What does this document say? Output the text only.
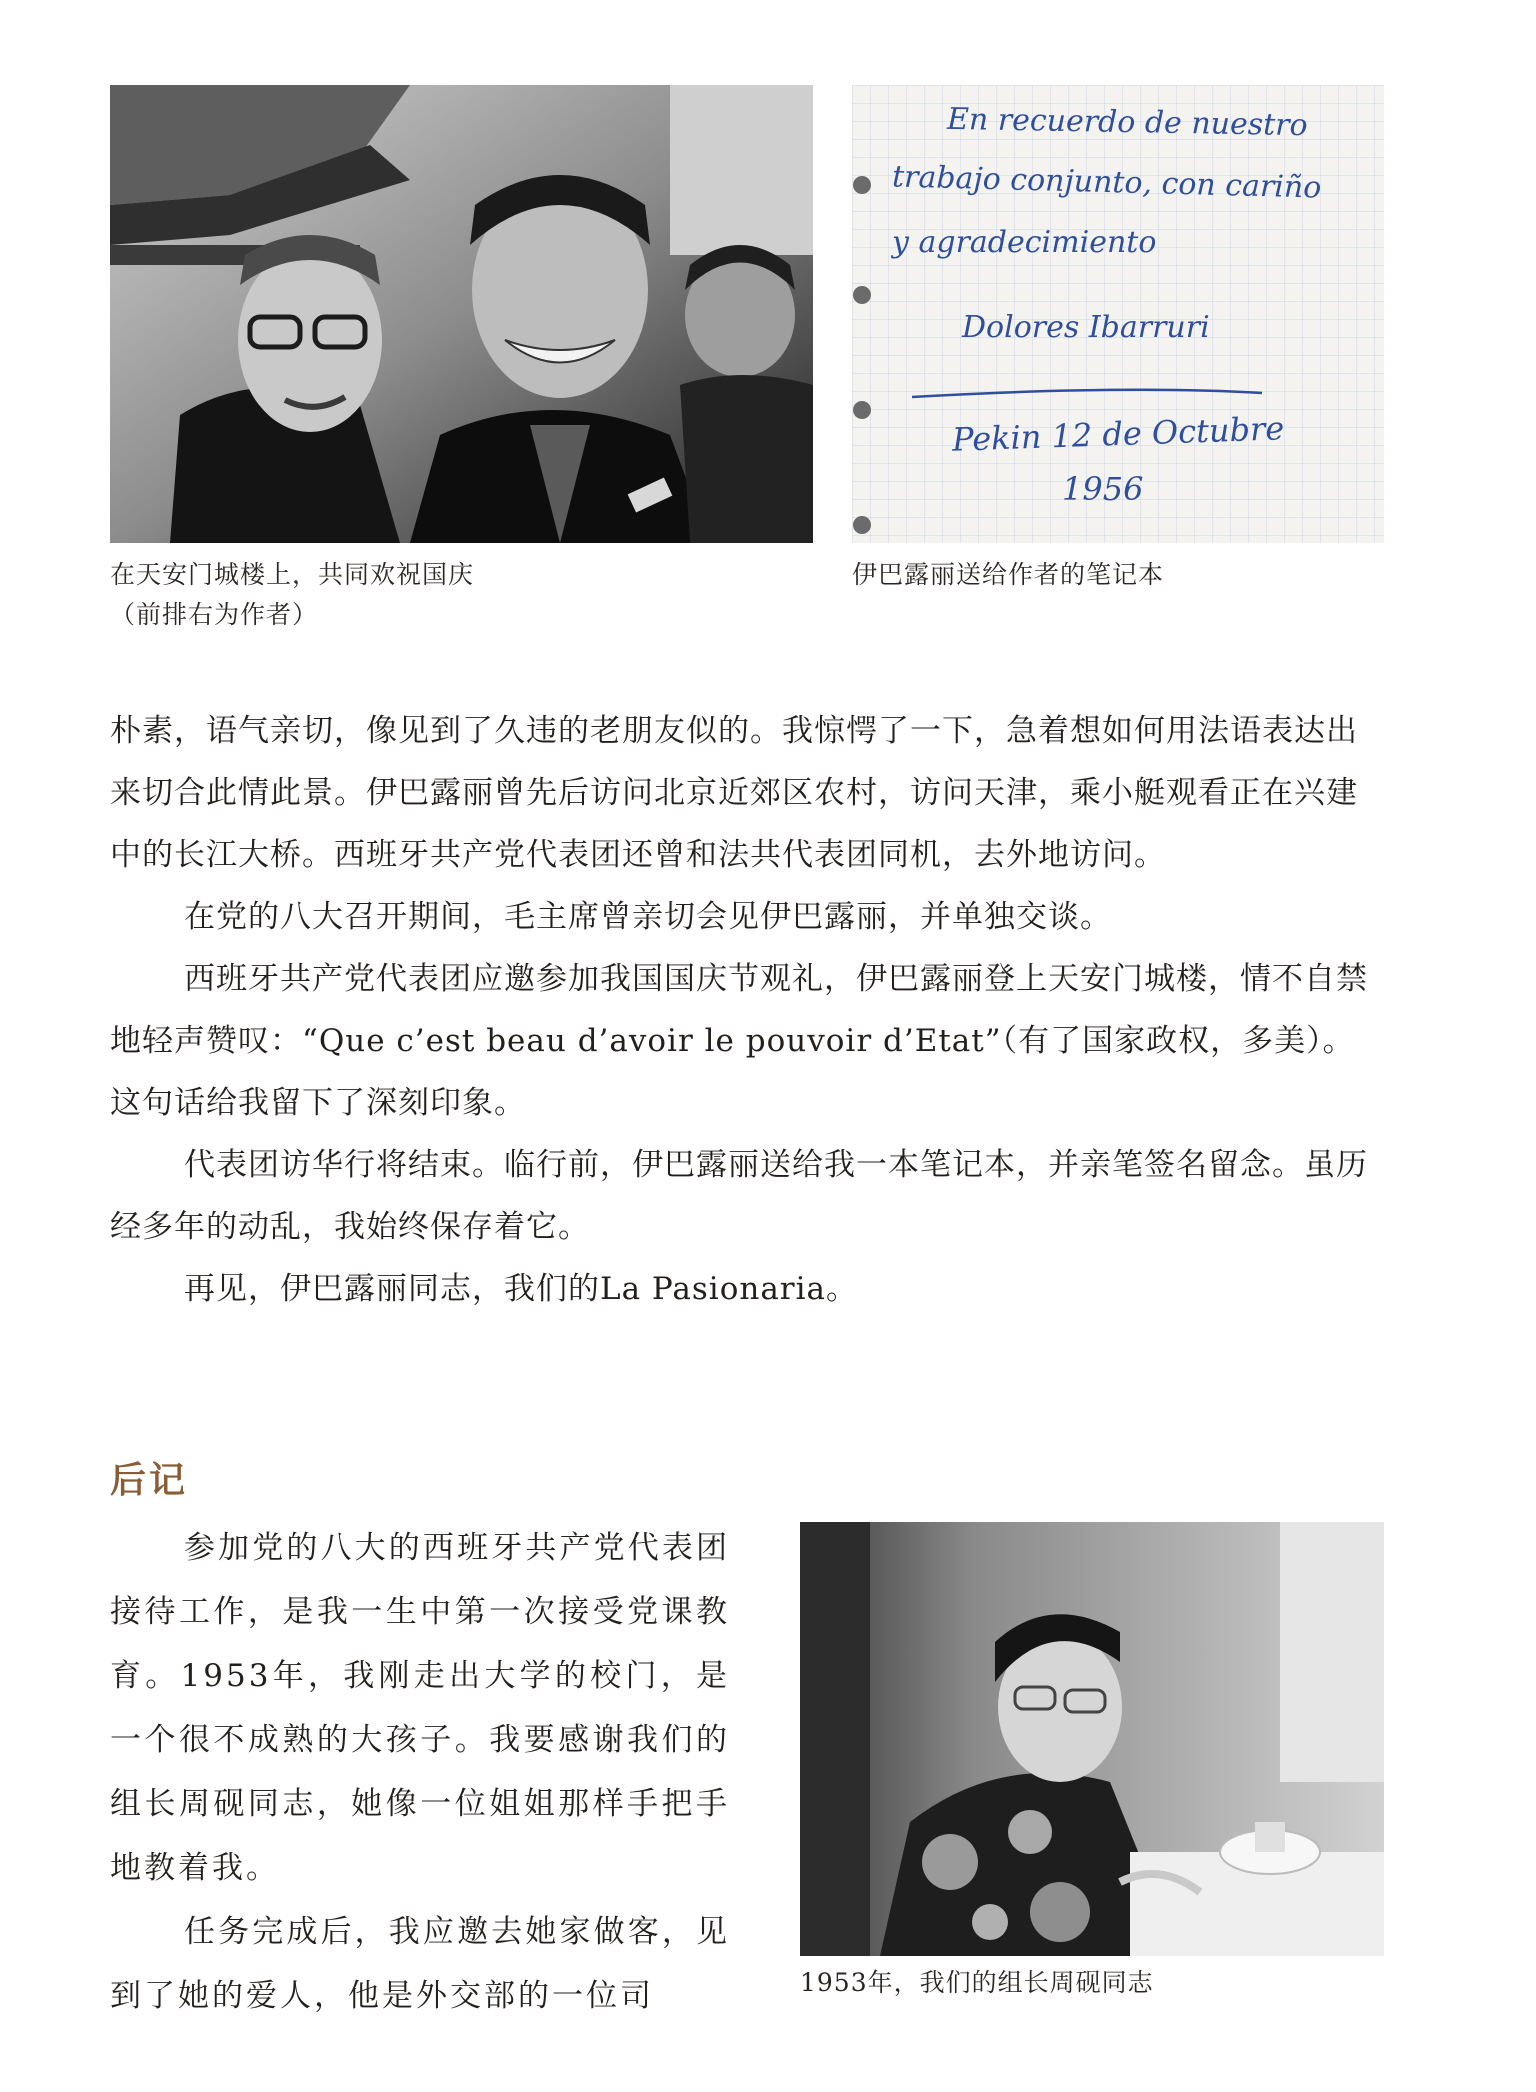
在天安门城楼上，共同欢祝国庆
（前排右为作者）
En recuerdo de nuestro
trabajo conjunto, con cariño
y agradecimiento
Dolores Ibarruri
Pekin 12 de Octubre
1956
伊巴露丽送给作者的笔记本

朴素，语气亲切，像见到了久违的老朋友似的。我惊愕了一下，急着想如何用法语表达出来切合此情此景。伊巴露丽曾先后访问北京近郊区农村，访问天津，乘小艇观看正在兴建中的长江大桥。西班牙共产党代表团还曾和法共代表团同机，去外地访问。

在党的八大召开期间，毛主席曾亲切会见伊巴露丽，并单独交谈。

西班牙共产党代表团应邀参加我国国庆节观礼，伊巴露丽登上天安门城楼，情不自禁地轻声赞叹：“Que c’est beau d’avoir le pouvoir d’Etat”（有了国家政权，多美）。这句话给我留下了深刻印象。

代表团访华行将结束。临行前，伊巴露丽送给我一本笔记本，并亲笔签名留念。虽历经多年的动乱，我始终保存着它。

再见，伊巴露丽同志，我们的La Pasionaria。

后记

参加党的八大的西班牙共产党代表团接待工作，是我一生中第一次接受党课教育。1953年，我刚走出大学的校门，是一个很不成熟的大孩子。我要感谢我们的组长周砚同志，她像一位姐姐那样手把手地教着我。

任务完成后，我应邀去她家做客，见到了她的爱人，他是外交部的一位司	1953年，我们的组长周砚同志
